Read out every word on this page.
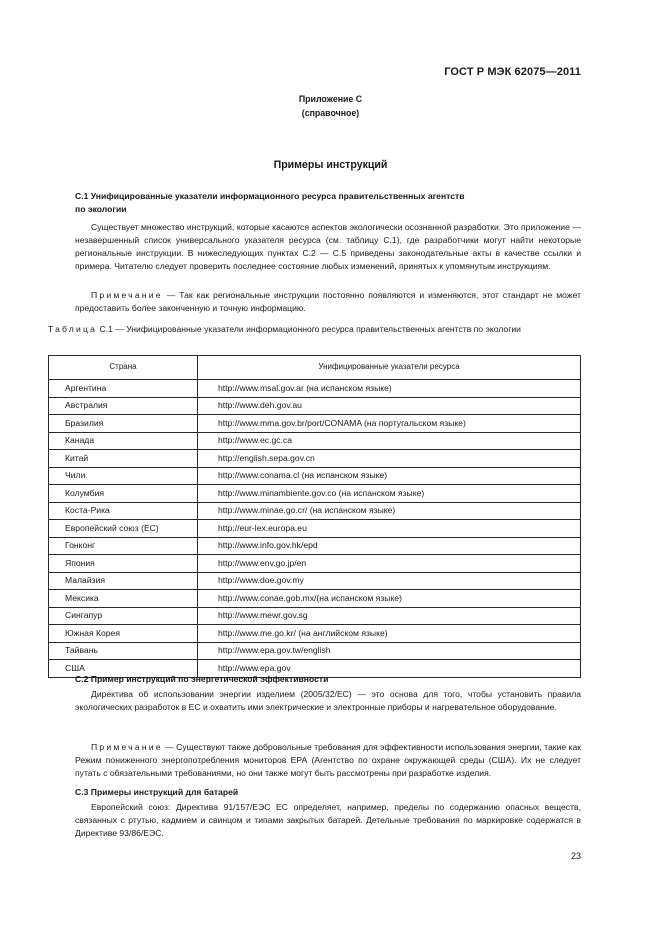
ГОСТ Р МЭК 62075—2011
Приложение С
(справочное)
Примеры инструкций
С.1 Унифицированные указатели информационного ресурса правительственных агентств
по экологии

Существует множество инструкций, которые касаются аспектов экологически осознанной разработки. Это приложение — незавершенный список универсального указателя ресурса (см. таблицу С.1), где разработчики могут найти некоторые региональные инструкции. В нижеследующих пунктах С.2 — С.5 приведены законодательные акты в качестве ссылки и примера. Читателю следует проверить последнее состояние любых изменений, принятых к упомянутым инструкциям.

Примечание — Так как региональные инструкции постоянно появляются и изменяются, этот стандарт не может предоставить более законченную и точную информацию.

Таблица С.1 — Унифицированные указатели информационного ресурса правительственных агентств по экологии
Страна	Унифицированные указатели ресурса
Аргентина	http://www.msal.gov.ar (на испанском языке)
Австралия	http://www.deh.gov.au
Бразилия	http://www.mma.gov.br/port/CONAMA (на португальском языке)
Канада	http://www.ec.gc.ca
Китай	http://english.sepa.gov.cn
Чили	http://www.conama.cl (на испанском языке)
Колумбия	http://www.minambiente.gov.co (на испанском языке)
Коста-Рика	http://www.minae.go.cr/ (на испанском языке)
Европейский союз (ЕС)	http://eur-lex.europa.eu
Гонконг	http://www.info.gov.hk/epd
Япония	http://www.env.go.jp/en
Малайзия	http://www.doe.gov.my
Мексика	http://www.conae.gob.mx/(на испанском языке)
Сингапур	http://www.mewr.gov.sg
Южная Корея	http://www.me.go.kr/ (на английском языке)
Тайвань	http://www.epa.gov.tw/english
США	http://www.epa.gov
С.2 Пример инструкций по энергетической эффективности

Директива об использовании энергии изделием (2005/32/ЕС) — это основа для того, чтобы установить правила экологических разработок в ЕС и охватить ими электрические и электронные приборы и нагревательное оборудование.

Примечание — Существуют также добровольные требования для эффективности использования энергии, такие как Режим пониженного энергопотребления мониторов ЕРА (Агентство по охране окружающей среды (США). Их не следует путать с обязательными требованиями, но они также могут быть рассмотрены при разработке изделия.

С.3 Примеры инструкций для батарей

Европейский союз: Директива 91/157/ЕЭС ЕС определяет, например, пределы по содержанию опасных веществ, связанных с ртутью, кадмием и свинцом и типами закрытых батарей. Детельные требования по маркировке содержатся в Директиве 93/86/ЕЭС.

23
